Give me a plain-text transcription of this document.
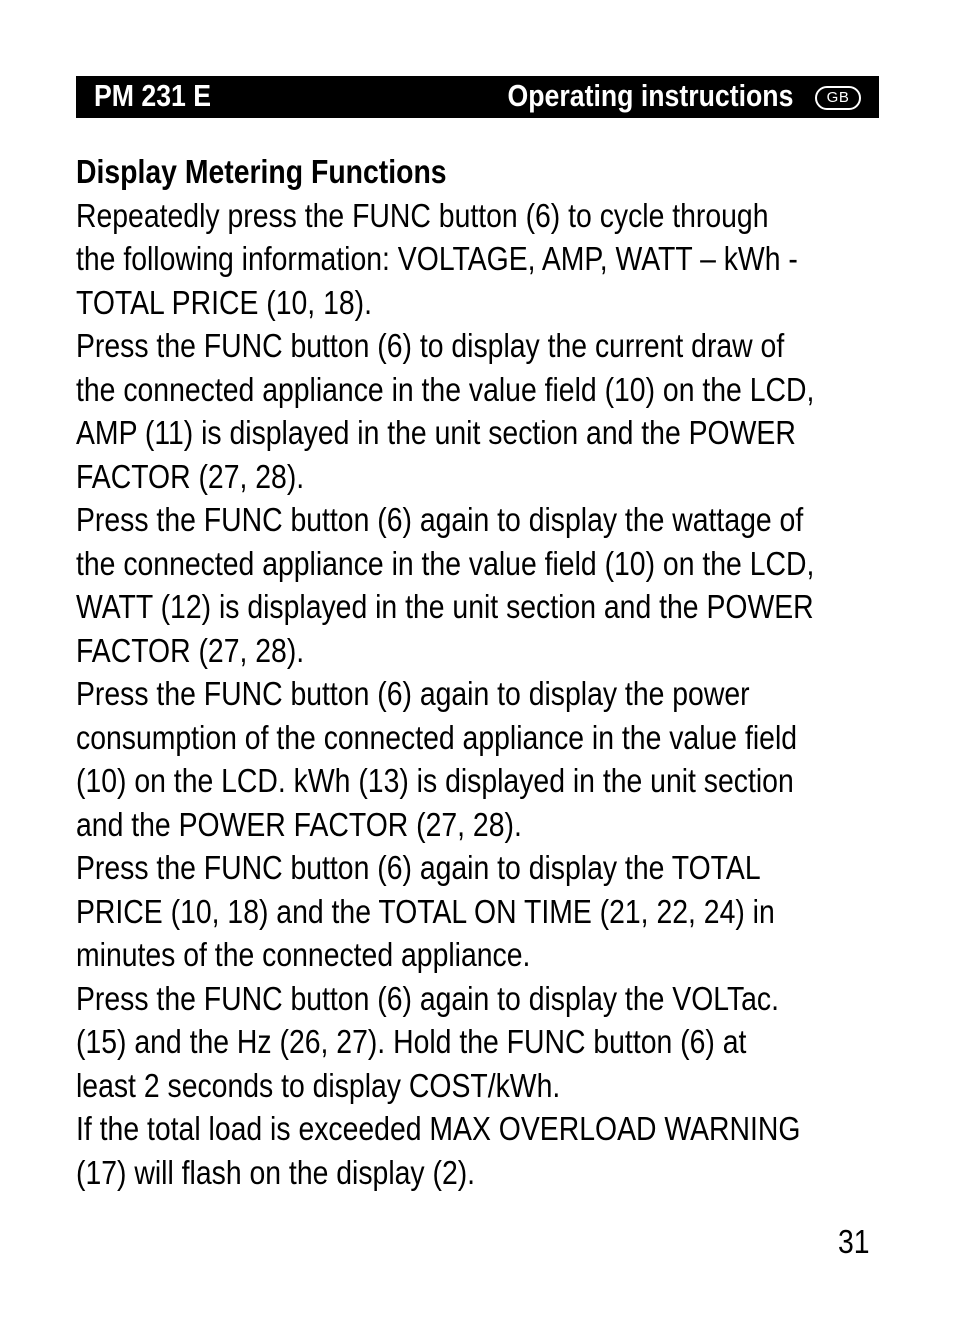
PM 231 E	Operating instructions	GB
Display Metering Functions

Repeatedly press the FUNC button (6) to cycle through
the following information: VOLTAGE, AMP, WATT – kWh -
TOTAL PRICE (10, 18).

Press the FUNC button (6) to display the current draw of
the connected appliance in the value field (10) on the LCD,
AMP (11) is displayed in the unit section and the POWER
FACTOR (27, 28).

Press the FUNC button (6) again to display the wattage of
the connected appliance in the value field (10) on the LCD,
WATT (12) is displayed in the unit section and the POWER
FACTOR (27, 28).

Press the FUNC button (6) again to display the power
consumption of the connected appliance in the value field
(10) on the LCD. kWh (13) is displayed in the unit section
and the POWER FACTOR (27, 28).

Press the FUNC button (6) again to display the TOTAL
PRICE (10, 18) and the TOTAL ON TIME (21, 22, 24) in
minutes of the connected appliance.

Press the FUNC button (6) again to display the VOLTac.
(15) and the Hz (26, 27). Hold the FUNC button (6) at
least 2 seconds to display COST/kWh.

If the total load is exceeded MAX OVERLOAD WARNING
(17) will flash on the display (2).

31
